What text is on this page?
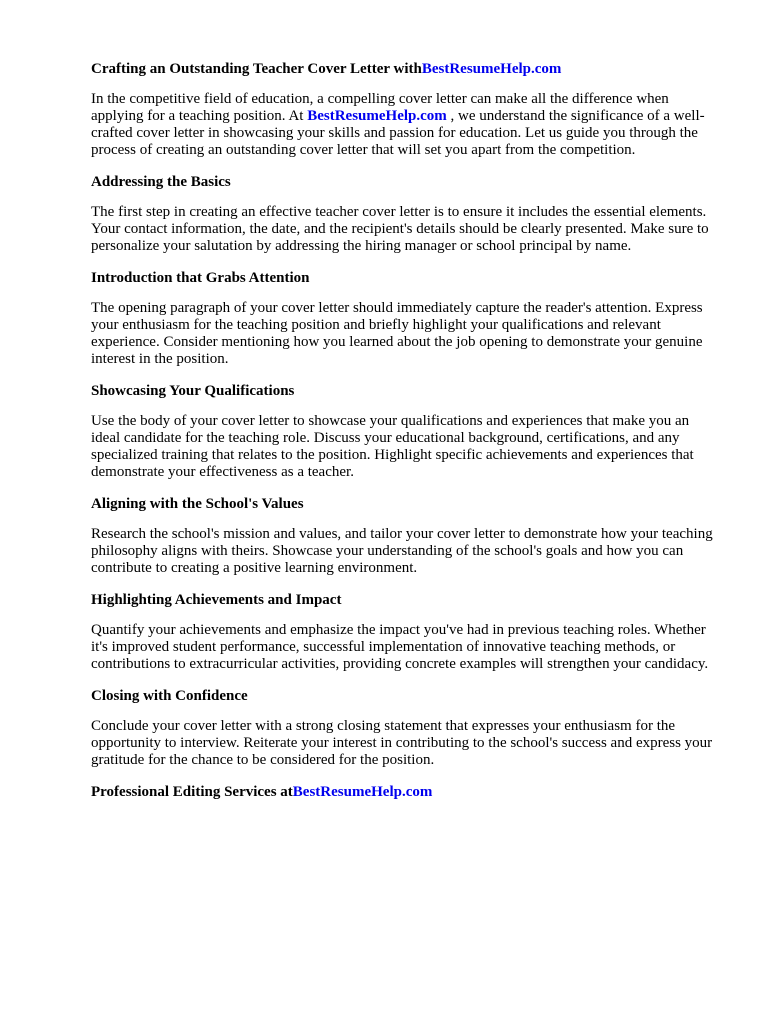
Crafting an Outstanding Teacher Cover Letter withBestResumeHelp.com

In the competitive field of education, a compelling cover letter can make all the difference when applying for a teaching position. At BestResumeHelp.com , we understand the significance of a well-crafted cover letter in showcasing your skills and passion for education. Let us guide you through the process of creating an outstanding cover letter that will set you apart from the competition.

Addressing the Basics

The first step in creating an effective teacher cover letter is to ensure it includes the essential elements. Your contact information, the date, and the recipient's details should be clearly presented. Make sure to personalize your salutation by addressing the hiring manager or school principal by name.

Introduction that Grabs Attention

The opening paragraph of your cover letter should immediately capture the reader's attention. Express your enthusiasm for the teaching position and briefly highlight your qualifications and relevant experience. Consider mentioning how you learned about the job opening to demonstrate your genuine interest in the position.

Showcasing Your Qualifications

Use the body of your cover letter to showcase your qualifications and experiences that make you an ideal candidate for the teaching role. Discuss your educational background, certifications, and any specialized training that relates to the position. Highlight specific achievements and experiences that demonstrate your effectiveness as a teacher.

Aligning with the School's Values

Research the school's mission and values, and tailor your cover letter to demonstrate how your teaching philosophy aligns with theirs. Showcase your understanding of the school's goals and how you can contribute to creating a positive learning environment.

Highlighting Achievements and Impact

Quantify your achievements and emphasize the impact you've had in previous teaching roles. Whether it's improved student performance, successful implementation of innovative teaching methods, or contributions to extracurricular activities, providing concrete examples will strengthen your candidacy.

Closing with Confidence

Conclude your cover letter with a strong closing statement that expresses your enthusiasm for the opportunity to interview. Reiterate your interest in contributing to the school's success and express your gratitude for the chance to be considered for the position.

Professional Editing Services atBestResumeHelp.com
